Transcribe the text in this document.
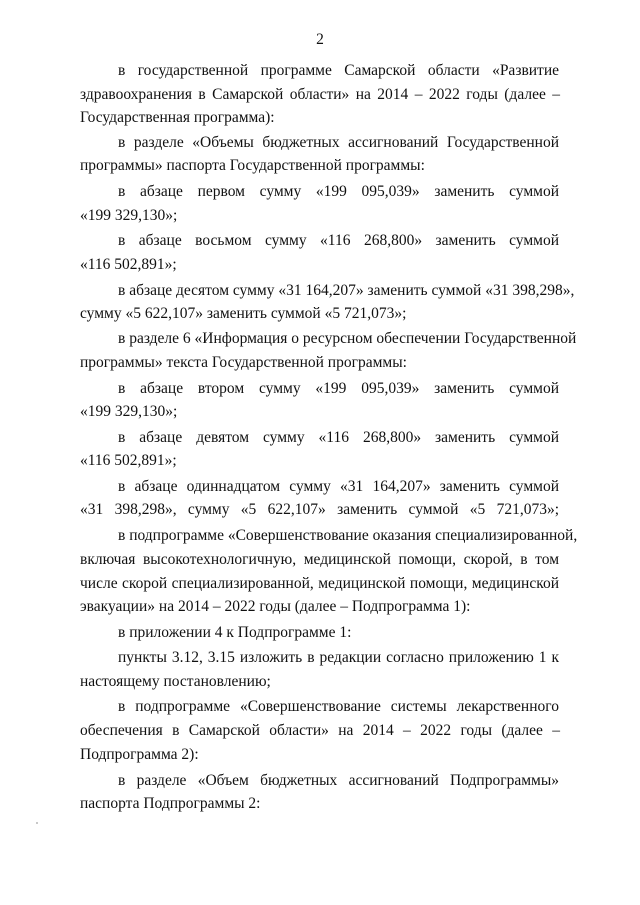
2
в государственной программе Самарской области «Развитие
здравоохранения в Самарской области» на 2014 – 2022 годы (далее –
Государственная программа):
в разделе «Объемы бюджетных ассигнований Государственной
программы» паспорта Государственной программы:
в абзаце первом сумму «199 095,039» заменить суммой
«199 329,130»;
в абзаце восьмом сумму «116 268,800» заменить суммой
«116 502,891»;
в абзаце десятом сумму «31 164,207» заменить суммой «31 398,298»,
сумму «5 622,107» заменить суммой «5 721,073»;
в разделе 6 «Информация о ресурсном обеспечении Государственной
программы» текста Государственной программы:
в абзаце втором сумму «199 095,039» заменить суммой
«199 329,130»;
в абзаце девятом сумму «116 268,800» заменить суммой
«116 502,891»;
в абзаце одиннадцатом сумму «31 164,207» заменить суммой
«31 398,298», сумму «5 622,107» заменить суммой «5 721,073»;
в подпрограмме «Совершенствование оказания специализированной,
включая высокотехнологичную, медицинской помощи, скорой, в том
числе скорой специализированной, медицинской помощи, медицинской
эвакуации» на 2014 – 2022 годы (далее – Подпрограмма 1):
в приложении 4 к Подпрограмме 1:
пункты 3.12, 3.15 изложить в редакции согласно приложению 1 к
настоящему постановлению;
в подпрограмме «Совершенствование системы лекарственного
обеспечения в Самарской области» на 2014 – 2022 годы (далее –
Подпрограмма 2):
в разделе «Объем бюджетных ассигнований Подпрограммы»
паспорта Подпрограммы 2:
